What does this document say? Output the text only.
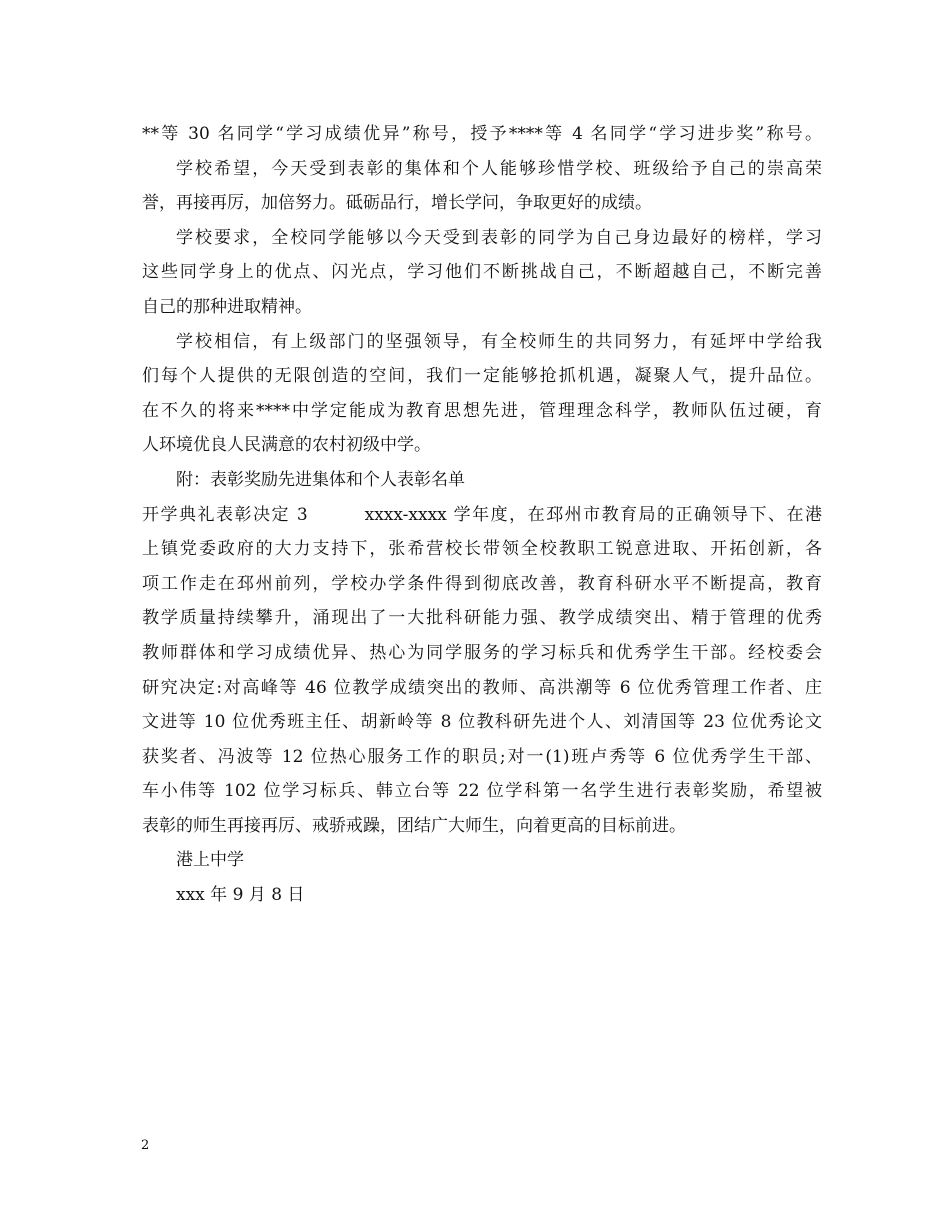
**等 30 名同学“学习成绩优异”称号，授予****等 4 名同学“学习进步奖”称号。
学校希望，今天受到表彰的集体和个人能够珍惜学校、班级给予自己的崇高荣
誉，再接再厉，加倍努力。砥砺品行，增长学问，争取更好的成绩。
学校要求，全校同学能够以今天受到表彰的同学为自己身边最好的榜样，学习
这些同学身上的优点、闪光点，学习他们不断挑战自己，不断超越自己，不断完善
自己的那种进取精神。
学校相信，有上级部门的坚强领导，有全校师生的共同努力，有延坪中学给我
们每个人提供的无限创造的空间，我们一定能够抢抓机遇，凝聚人气，提升品位。
在不久的将来****中学定能成为教育思想先进，管理理念科学，教师队伍过硬，育
人环境优良人民满意的农村初级中学。
附：表彰奖励先进集体和个人表彰名单
开学典礼表彰决定 3　　　xxxx-xxxx 学年度，在邳州市教育局的正确领导下、在港
上镇党委政府的大力支持下，张希营校长带领全校教职工锐意进取、开拓创新，各
项工作走在邳州前列，学校办学条件得到彻底改善，教育科研水平不断提高，教育
教学质量持续攀升，涌现出了一大批科研能力强、教学成绩突出、精于管理的优秀
教师群体和学习成绩优异、热心为同学服务的学习标兵和优秀学生干部。经校委会
研究决定:对高峰等 46 位教学成绩突出的教师、高洪潮等 6 位优秀管理工作者、庄
文进等 10 位优秀班主任、胡新岭等 8 位教科研先进个人、刘清国等 23 位优秀论文
获奖者、冯波等 12 位热心服务工作的职员;对一(1)班卢秀等 6 位优秀学生干部、
车小伟等 102 位学习标兵、韩立台等 22 位学科第一名学生进行表彰奖励，希望被
表彰的师生再接再厉、戒骄戒躁，团结广大师生，向着更高的目标前进。
港上中学
xxx 年 9 月 8 日
2
